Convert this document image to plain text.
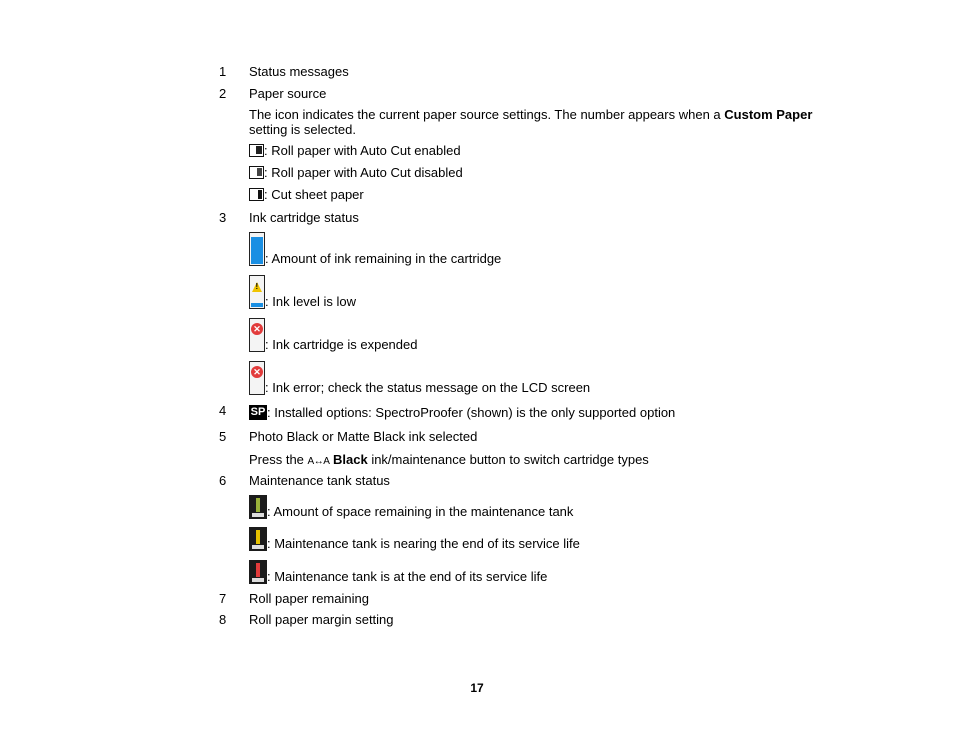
1 Status messages
2 Paper source
The icon indicates the current paper source settings. The number appears when a Custom Paper setting is selected.
: Roll paper with Auto Cut enabled
: Roll paper with Auto Cut disabled
: Cut sheet paper
3 Ink cartridge status
: Amount of ink remaining in the cartridge
!
: Ink level is low
✕
: Ink cartridge is expended
✕
: Ink error; check the status message on the LCD screen
4 SP : Installed options: SpectroProofer (shown) is the only supported option
5 Photo Black or Matte Black ink selected
Press the A↔A Black ink/maintenance button to switch cartridge types
6 Maintenance tank status
: Amount of space remaining in the maintenance tank
: Maintenance tank is nearing the end of its service life
: Maintenance tank is at the end of its service life
7 Roll paper remaining
8 Roll paper margin setting
17
